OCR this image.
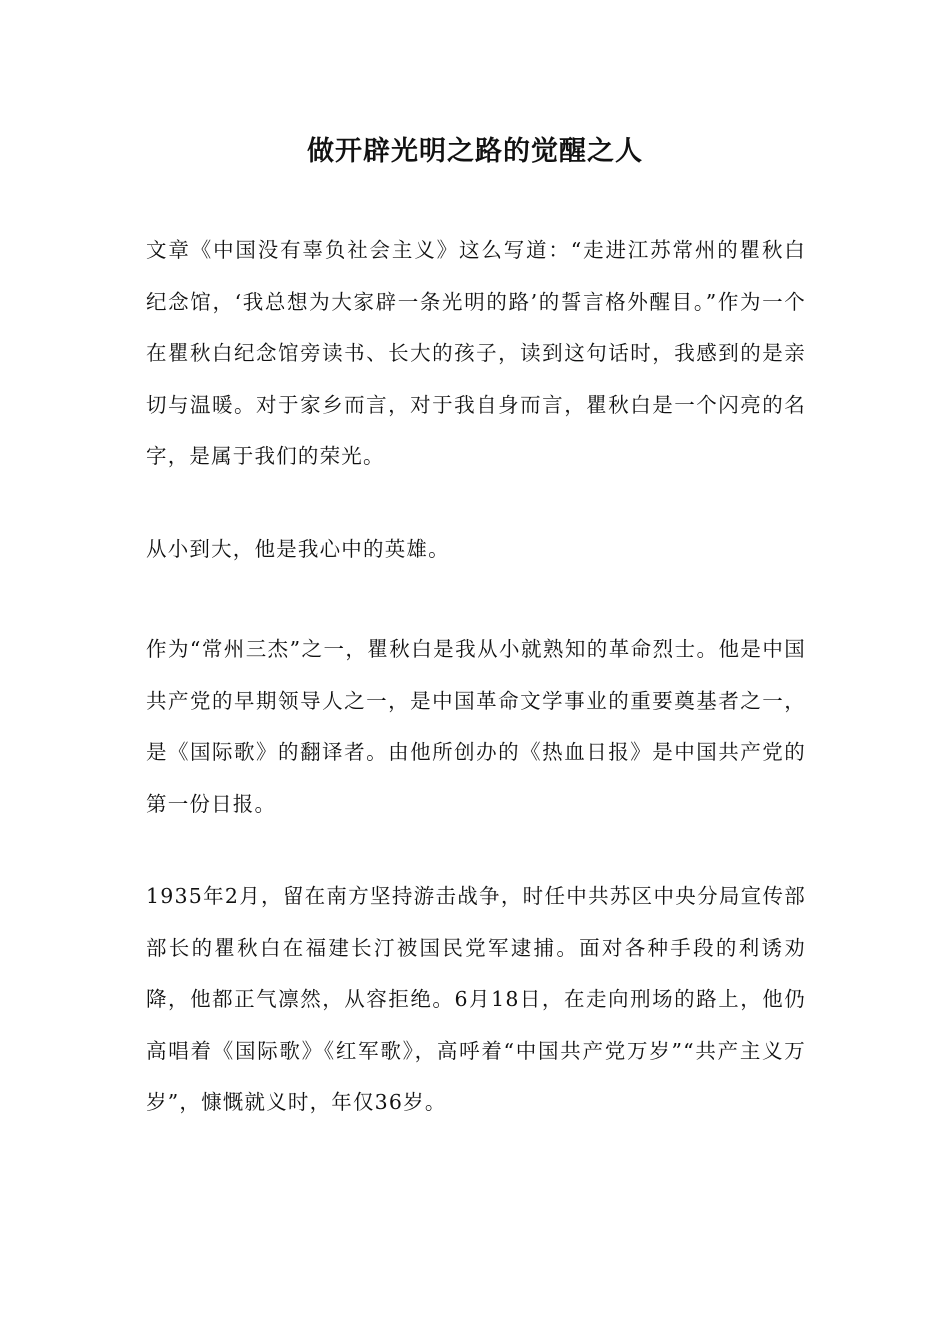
做开辟光明之路的觉醒之人

文章《中国没有辜负社会主义》这么写道：“走进江苏常州的瞿秋白纪念馆，‘我总想为大家辟一条光明的路’的誓言格外醒目。”作为一个在瞿秋白纪念馆旁读书、长大的孩子，读到这句话时，我感到的是亲切与温暖。对于家乡而言，对于我自身而言，瞿秋白是一个闪亮的名字，是属于我们的荣光。

从小到大，他是我心中的英雄。

作为“常州三杰”之一，瞿秋白是我从小就熟知的革命烈士。他是中国共产党的早期领导人之一，是中国革命文学事业的重要奠基者之一，是《国际歌》的翻译者。由他所创办的《热血日报》是中国共产党的第一份日报。

1935年2月，留在南方坚持游击战争，时任中共苏区中央分局宣传部部长的瞿秋白在福建长汀被国民党军逮捕。面对各种手段的利诱劝降，他都正气凛然，从容拒绝。6月18日，在走向刑场的路上，他仍高唱着《国际歌》《红军歌》，高呼着“中国共产党万岁”“共产主义万岁”，慷慨就义时，年仅36岁。
